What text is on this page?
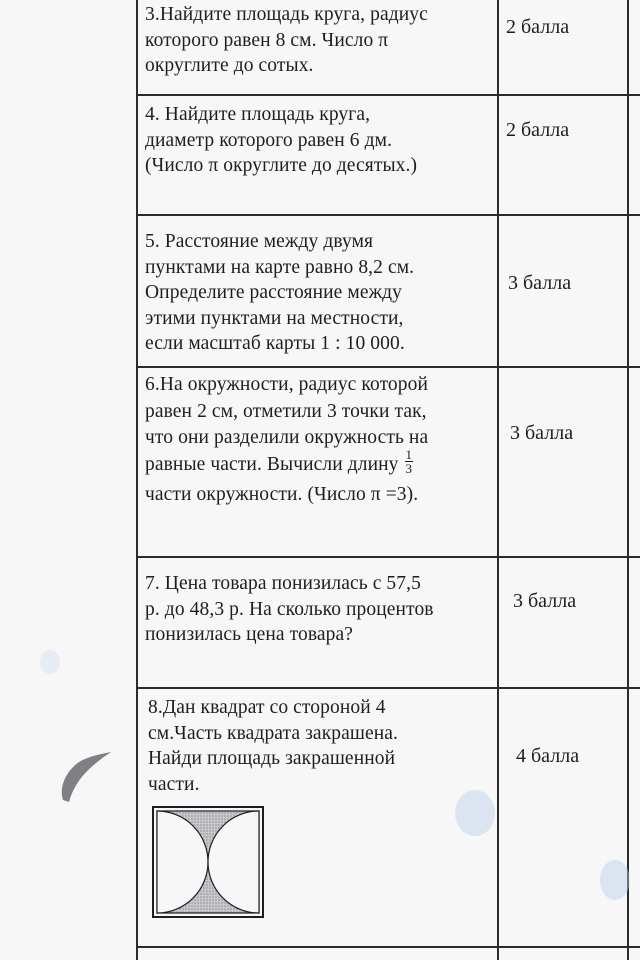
3.Найдите площадь круга, радиус
которого равен 8 см. Число π
округлите до сотых.
2 балла
4. Найдите площадь круга,
диаметр которого равен 6 дм.
(Число π округлите до десятых.)
2 балла
5. Расстояние между двумя
пунктами на карте равно 8,2 см.
Определите расстояние между
этими пунктами на местности,
если масштаб карты 1 : 10 000.
3 балла
6.На окружности, радиус которой
равен 2 см, отметили 3 точки так,
что они разделили окружность на
равные части. Вычисли длину $\frac{1}{3}$
части окружности. (Число π =3).
3 балла
7. Цена товара понизилась с 57,5
р. до 48,3 р. На сколько процентов
понизилась цена товара?
3 балла
8.Дан квадрат со стороной 4
см.Часть квадрата закрашена.
Найди площадь закрашенной
части.
4 балла
